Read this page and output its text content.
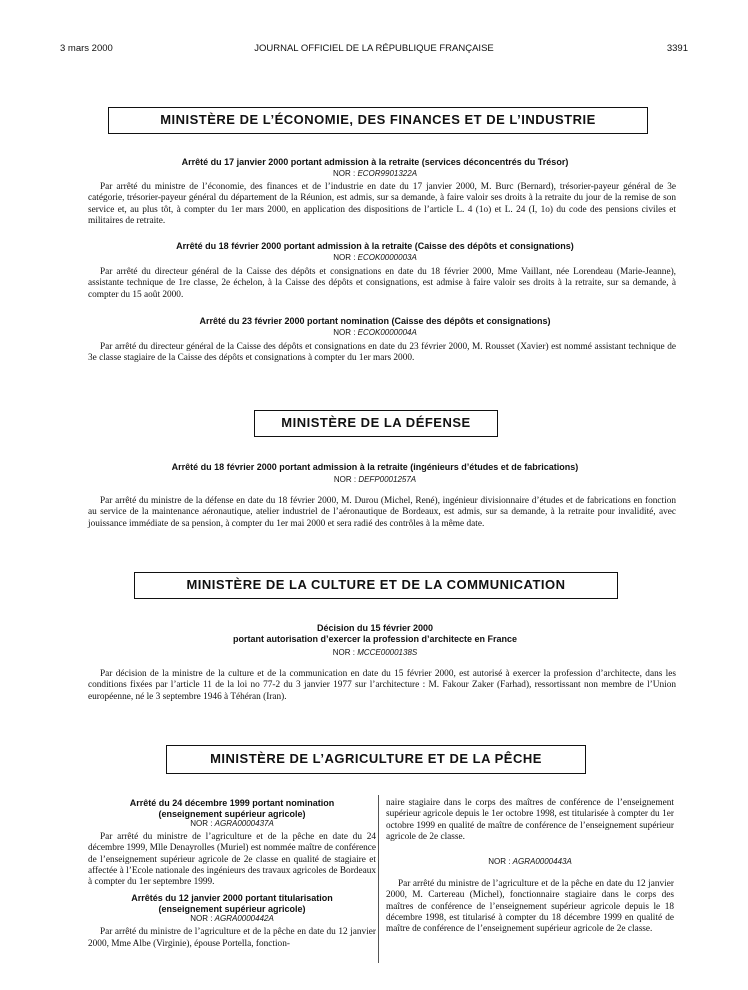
3 mars 2000	JOURNAL OFFICIEL DE LA RÉPUBLIQUE FRANÇAISE	3391
MINISTÈRE DE L’ÉCONOMIE, DES FINANCES ET DE L’INDUSTRIE
Arrêté du 17 janvier 2000 portant admission à la retraite (services déconcentrés du Trésor)
NOR : ECOR9901322A

Par arrêté du ministre de l’économie, des finances et de l’industrie en date du 17 janvier 2000, M. Burc (Bernard), trésorier-payeur général de 3e catégorie, trésorier-payeur général du département de la Réunion, est admis, sur sa demande, à faire valoir ses droits à la retraite du jour de la remise de son service et, au plus tôt, à compter du 1er mars 2000, en application des dispositions de l’article L. 4 (1o) et L. 24 (I, 1o) du code des pensions civiles et militaires de retraite.

Arrêté du 18 février 2000 portant admission à la retraite (Caisse des dépôts et consignations)
NOR : ECOK0000003A

Par arrêté du directeur général de la Caisse des dépôts et consignations en date du 18 février 2000, Mme Vaillant, née Lorendeau (Marie-Jeanne), assistante technique de 1re classe, 2e échelon, à la Caisse des dépôts et consignations, est admise à faire valoir ses droits à la retraite, sur sa demande, à compter du 15 août 2000.

Arrêté du 23 février 2000 portant nomination (Caisse des dépôts et consignations)
NOR : ECOK0000004A

Par arrêté du directeur général de la Caisse des dépôts et consignations en date du 23 février 2000, M. Rousset (Xavier) est nommé assistant technique de 3e classe stagiaire de la Caisse des dépôts et consignations à compter du 1er mars 2000.

MINISTÈRE DE LA DÉFENSE
Arrêté du 18 février 2000 portant admission à la retraite (ingénieurs d’études et de fabrications)
NOR : DEFP0001257A

Par arrêté du ministre de la défense en date du 18 février 2000, M. Durou (Michel, René), ingénieur divisionnaire d’études et de fabrications en fonction au service de la maintenance aéronautique, atelier industriel de l’aéronautique de Bordeaux, est admis, sur sa demande, à la retraite pour invalidité, avec jouissance immédiate de sa pension, à compter du 1er mai 2000 et sera radié des contrôles à la même date.

MINISTÈRE DE LA CULTURE ET DE LA COMMUNICATION
Décision du 15 février 2000
portant autorisation d’exercer la profession d’architecte en France
NOR : MCCE0000138S

Par décision de la ministre de la culture et de la communication en date du 15 février 2000, est autorisé à exercer la profession d’architecte, dans les conditions fixées par l’article 11 de la loi no 77-2 du 3 janvier 1977 sur l’architecture : M. Fakour Zaker (Farhad), ressortissant non membre de l’Union européenne, né le 3 septembre 1946 à Téhéran (Iran).

MINISTÈRE DE L’AGRICULTURE ET DE LA PÊCHE

Arrêté du 24 décembre 1999 portant nomination

(enseignement supérieur agricole)

NOR : AGRA0000437A

Par arrêté du ministre de l’agriculture et de la pêche en date du 24 décembre 1999, Mlle Denayrolles (Muriel) est nommée maître de conférence de l’enseignement supérieur agricole de 2e classe en qualité de stagiaire et affectée à l’Ecole nationale des ingénieurs des travaux agricoles de Bordeaux à compter du 1er septembre 1999.

Arrêtés du 12 janvier 2000 portant titularisation

(enseignement supérieur agricole)

NOR : AGRA0000442A

Par arrêté du ministre de l’agriculture et de la pêche en date du 12 janvier 2000, Mme Albe (Virginie), épouse Portella, fonction-

naire stagiaire dans le corps des maîtres de conférence de l’enseignement supérieur agricole depuis le 1er octobre 1998, est titularisée à compter du 1er octobre 1999 en qualité de maître de conférence de l’enseignement supérieur agricole de 2e classe.

NOR : AGRA0000443A

Par arrêté du ministre de l’agriculture et de la pêche en date du 12 janvier 2000, M. Cartereau (Michel), fonctionnaire stagiaire dans le corps des maîtres de conférence de l’enseignement supérieur agricole depuis le 18 décembre 1998, est titularisé à compter du 18 décembre 1999 en qualité de maître de conférence de l’enseignement supérieur agricole de 2e classe.
